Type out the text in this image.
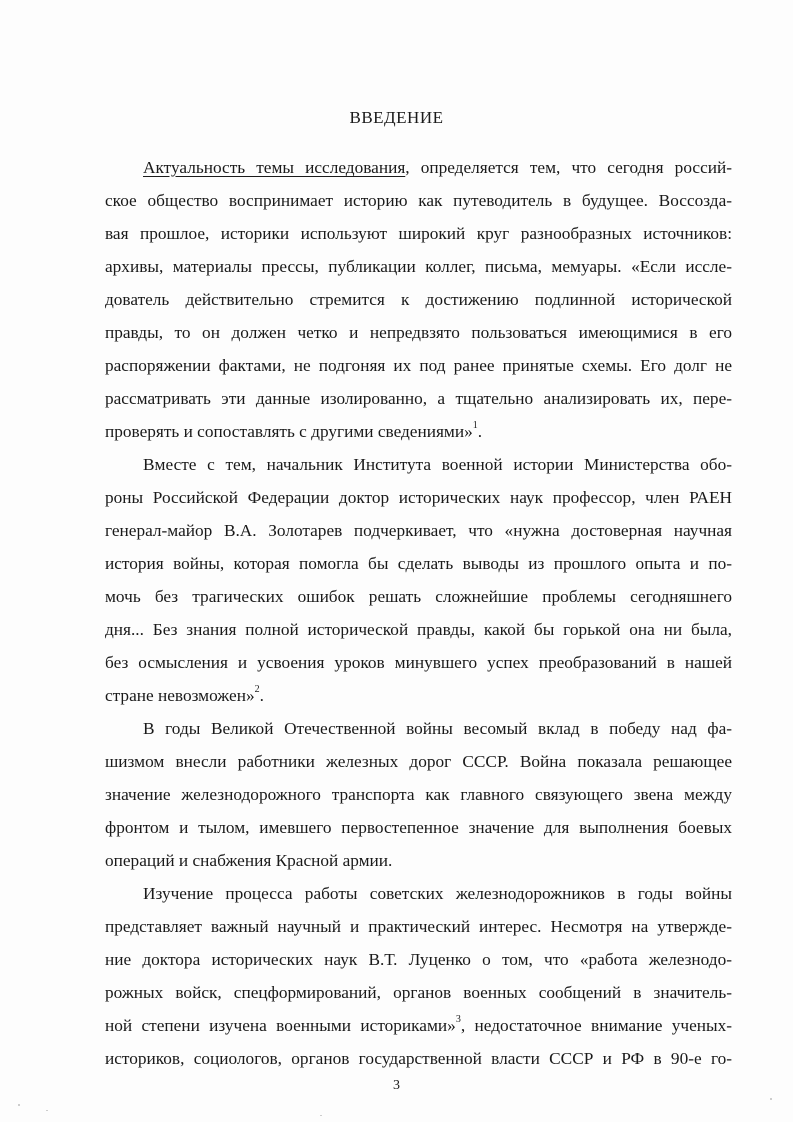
ВВЕДЕНИЕ
Актуальность темы исследования, определяется тем, что сегодня россий-
ское общество воспринимает историю как путеводитель в будущее. Воссозда-
вая прошлое, историки используют широкий круг разнообразных источников:
архивы, материалы прессы, публикации коллег, письма, мемуары. «Если иссле-
дователь действительно стремится к достижению подлинной исторической
правды, то он должен четко и непредвзято пользоваться имеющимися в его
распоряжении фактами, не подгоняя их под ранее принятые схемы. Его долг не
рассматривать эти данные изолированно, а тщательно анализировать их, пере-
проверять и сопоставлять с другими сведениями»$^1$.
Вместе с тем, начальник Института военной истории Министерства обо-
роны Российской Федерации доктор исторических наук профессор, член РАЕН
генерал-майор В.А. Золотарев подчеркивает, что «нужна достоверная научная
история войны, которая помогла бы сделать выводы из прошлого опыта и по-
мочь без трагических ошибок решать сложнейшие проблемы сегодняшнего
дня... Без знания полной исторической правды, какой бы горькой она ни была,
без осмысления и усвоения уроков минувшего успех преобразований в нашей
стране невозможен»$^2$.
В годы Великой Отечественной войны весомый вклад в победу над фа-
шизмом внесли работники железных дорог СССР. Война показала решающее
значение железнодорожного транспорта как главного связующего звена между
фронтом и тылом, имевшего первостепенное значение для выполнения боевых
операций и снабжения Красной армии.
Изучение процесса работы советских железнодорожников в годы войны
представляет важный научный и практический интерес. Несмотря на утвержде-
ние доктора исторических наук В.Т. Луценко о том, что «работа железнодо-
рожных войск, спецформирований, органов военных сообщений в значитель-
ной степени изучена военными историками»$^3$, недостаточное внимание ученых-
историков, социологов, органов государственной власти СССР и РФ в 90-е го-
3
